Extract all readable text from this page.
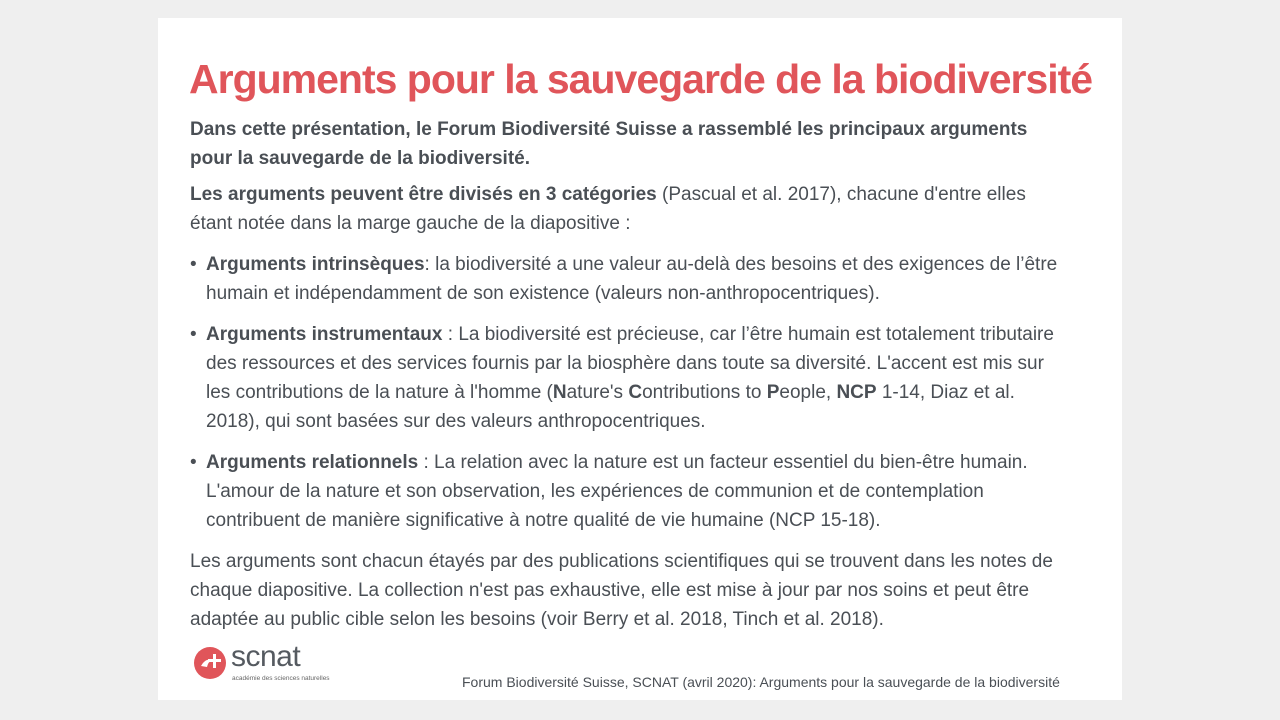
Arguments pour la sauvegarde de la biodiversité

Dans cette présentation, le Forum Biodiversité Suisse a rassemblé les principaux arguments pour la sauvegarde de la biodiversité.

Les arguments peuvent être divisés en 3 catégories (Pascual et al. 2017), chacune d'entre elles étant notée dans la marge gauche de la diapositive :

• Arguments intrinsèques: la biodiversité a une valeur au-delà des besoins et des exigences de l’être humain et indépendamment de son existence (valeurs non-anthropocentriques).
• Arguments instrumentaux : La biodiversité est précieuse, car l’être humain est totalement tributaire des ressources et des services fournis par la biosphère dans toute sa diversité. L'accent est mis sur les contributions de la nature à l'homme (Nature's Contributions to People, NCP 1-14, Diaz et al. 2018), qui sont basées sur des valeurs anthropocentriques.
• Arguments relationnels : La relation avec la nature est un facteur essentiel du bien-être humain. L'amour de la nature et son observation, les expériences de communion et de contemplation contribuent de manière significative à notre qualité de vie humaine (NCP 15-18).

Les arguments sont chacun étayés par des publications scientifiques qui se trouvent dans les notes de chaque diapositive. La collection n'est pas exhaustive, elle est mise à jour par nos soins et peut être adaptée au public cible selon les besoins (voir Berry et al. 2018, Tinch et al. 2018).

scnat
académie des sciences naturelles	Forum Biodiversité Suisse, SCNAT (avril 2020): Arguments pour la sauvegarde de la biodiversité
